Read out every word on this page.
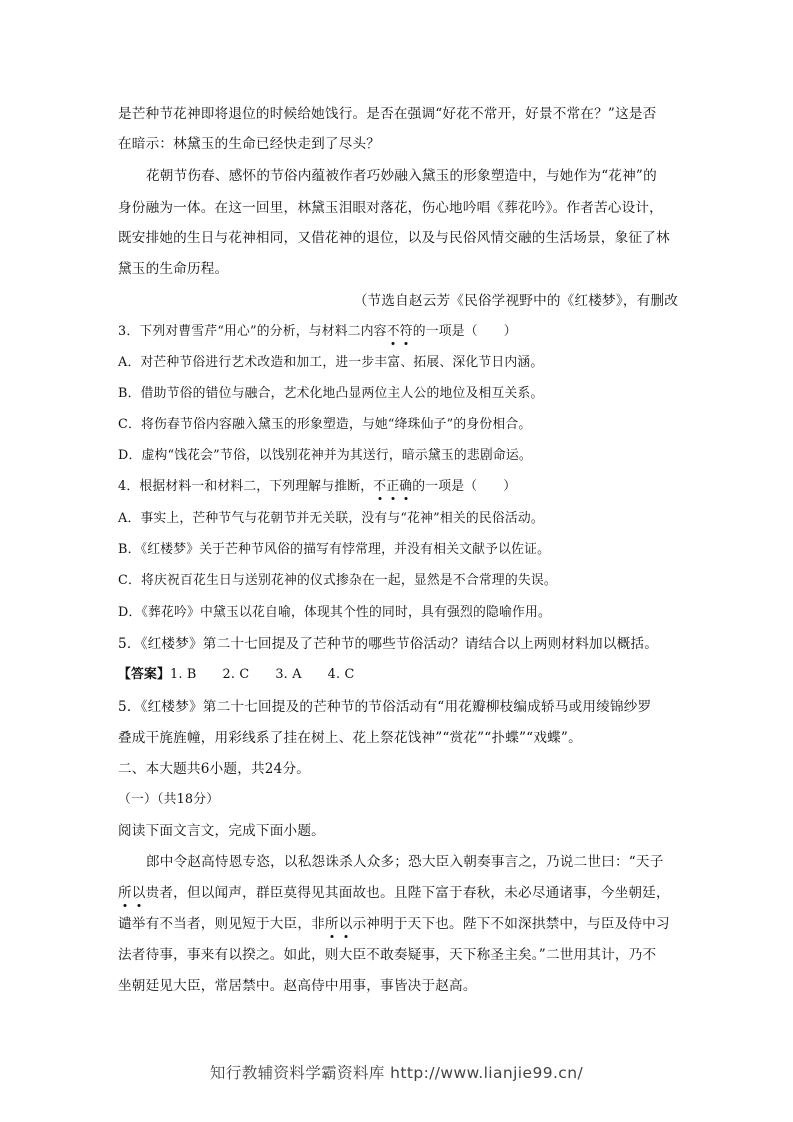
是芒种节花神即将退位的时候给她饯行。是否在强调“好花不常开，好景不常在？”这是否
在暗示：林黛玉的生命已经快走到了尽头？
花朝节伤春、感怀的节俗内蕴被作者巧妙融入黛玉的形象塑造中，与她作为“花神”的
身份融为一体。在这一回里，林黛玉泪眼对落花，伤心地吟唱《葬花吟》。作者苦心设计，
既安排她的生日与花神相同，又借花神的退位，以及与民俗风情交融的生活场景，象征了林
黛玉的生命历程。
（节选自赵云芳《民俗学视野中的《红楼梦》，有删改
3．下列对曹雪芹“用心”的分析，与材料二内容不
符
的一项是（　　）
A．对芒种节俗进行艺术改造和加工，进一步丰富、拓展、深化节日内涵。
B．借助节俗的错位与融合，艺术化地凸显两位主人公的地位及相互关系。
C．将伤春节俗内容融入黛玉的形象塑造，与她“绛珠仙子”的身份相合。
D．虚构“饯花会”节俗，以饯别花神并为其送行，暗示黛玉的悲剧命运。
4．根据材料一和材料二，下列理解与推断，不
正
确
的一项是（　　）
A．事实上，芒种节气与花朝节并无关联，没有与“花神”相关的民俗活动。
B．《红楼梦》关于芒种节风俗的描写有悖常理，并没有相关文献予以佐证。
C．将庆祝百花生日与送别花神的仪式掺杂在一起，显然是不合常理的失误。
D．《葬花吟》中黛玉以花自喻，体现其个性的同时，具有强烈的隐喻作用。
5．《红楼梦》第二十七回提及了芒种节的哪些节俗活动？请结合以上两则材料加以概括。
【答案】1. B　　2. C　　3. A　　4. C
5．《红楼梦》第二十七回提及的芒种节的节俗活动有“用花瓣柳枝编成轿马或用绫锦纱罗
叠成干旄旌幢，用彩线系了挂在树上、花上祭花饯神”“赏花”“扑蝶”“戏蝶”。
二、本大题共6小题，共24分。
（一）（共18分）
阅读下面文言文，完成下面小题。
郎中令赵高恃恩专恣，以私怨诛杀人众多；恐大臣入朝奏事言之，乃说二世曰：“天子
所
以
贵者，但以闻声，群臣莫得见其面故也。且陛下富于春秋，未必尽通诸事，今坐朝廷，
谴举有不当者，则见短于大臣，非所
以
示神明于天下也。陛下不如深拱禁中，与臣及侍中习
法者待事，事来有以揆之。如此，则大臣不敢奏疑事，天下称圣主矣。”二世用其计，乃不
坐朝廷见大臣，常居禁中。赵高侍中用事，事皆决于赵高。
知行教辅资料学霸资料库 http://www.lianjie99.cn/
